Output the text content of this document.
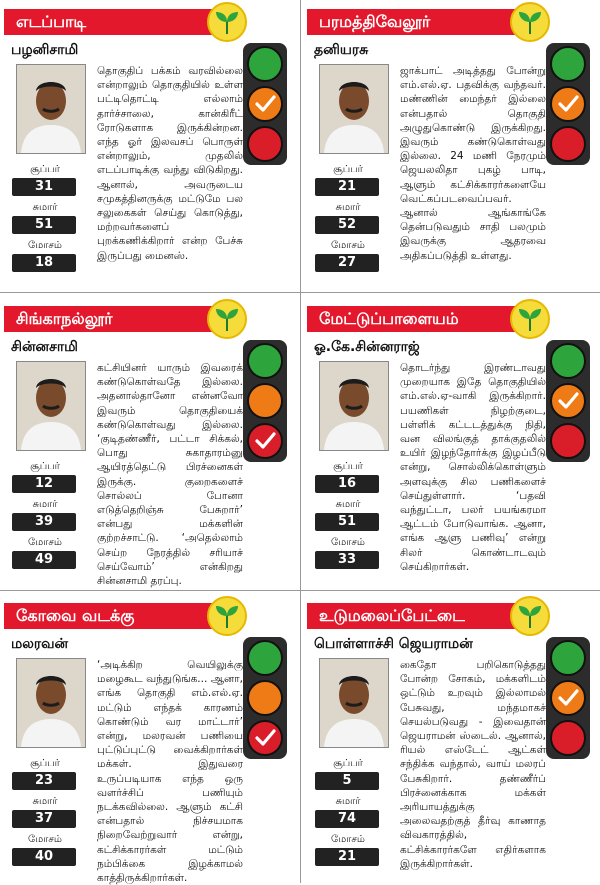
எடப்பாடி
பழனிசாமி
தொகுதிப் பக்கம் வரவில்லை என்றாலும் தொகுதியில் உள்ள பட்டிதொட்டி எல்லாம் தார்ச்சாலை, கான்கிரீட் ரோடுகளாக இருக்கின்றன. எந்த ஓர் இலவசப் பொருள் என்றாலும், முதலில் எடப்பாடிக்கு வந்து விடுகிறது. ஆனால், அவருடைய சமுகத்தினருக்கு மட்டுமே பல சலுகைகள் செய்து கொடுத்து, மற்றவர்களைப் புறக்கணிக்கிறார் என்ற பேச்சு இருப்பது மைனஸ்.
சூப்பர்
31
சுமார்
51
மோசம்
18
பரமத்திவேலூர்
தனியரசு
ஜாக்பாட் அடித்தது போன்று எம்.எல்.ஏ. பதவிக்கு வந்தவர். மண்ணின் மைந்தர் இல்லை என்பதால் தொகுதி அழுதுகொண்டு இருக்கிறது. இவரும் கண்டுகொள்வது இல்லை. 24 மணி நேரமும் ஜெயலலிதா புகழ் பாடி, ஆளும் கட்சிக்காரர்களையே வெட்கப்படவைப்பவர். ஆனால் ஆங்காங்கே தென்படுவதும் சாதி பலமும் இவருக்கு ஆதரவை அதிகப்படுத்தி உள்ளது.
சூப்பர்
21
சுமார்
52
மோசம்
27
சிங்காநல்லூர்
சின்னசாமி
கட்சியினர் யாரும் இவரைக் கண்டுகொள்வதே இல்லை. அதனால்தானோ என்னவோ இவரும் தொகுதியைக் கண்டுகொள்வது இல்லை. ‘குடிதண்ணீர், பட்டா சிக்கல், பொது சுகாதாரம்னு ஆயிரத்தெட்டு பிரச்னைகள் இருக்கு. குறைகளைச் சொல்லப் போனா எடுத்தெறிஞ்சு பேசுறார்’ என்பது மக்களின் குற்றச்சாட்டு. ‘அதெல்லாம் செய்ற நேரத்தில் சரியாச் செய்வோம்’ என்கிறது சின்னசாமி தரப்பு.
சூப்பர்
12
சுமார்
39
மோசம்
49
மேட்டுப்பாளையம்
ஓ.கே.சின்னராஜ்
தொடர்ந்து இரண்டாவது முறையாக இதே தொகுதியில் எம்.எல்.ஏ-வாகி இருக்கிறார். பயணிகள் நிழற்குடை, பள்ளிக் கட்டடத்துக்கு நிதி, வன விலங்குத் தாக்குதலில் உயிர் இழந்தோர்க்கு இழப்பீடு என்று, சொல்லிக்கொள்ளும் அளவுக்கு சில பணிகளைச் செய்துள்ளார். ‘பதவி வந்துட்டா, பலர் பயங்கரமா ஆட்டம் போடுவாங்க. ஆனா, எங்க ஆளு பணிவு’ என்று சிலர் கொண்டாடவும் செய்கிறார்கள்.
சூப்பர்
16
சுமார்
51
மோசம்
33
கோவை வடக்கு
மலரவன்
‘அடிக்கிற வெயிலுக்கு மழைகூட வந்துடுங்க... ஆனா, எங்க தொகுதி எம்.எல்.ஏ. மட்டும் எந்தக் காரணம் கொண்டும் வர மாட்டார்’ என்று, மலரவன் பணியை புட்டுப்புட்டு வைக்கிறார்கள் மக்கள். இதுவரை உருப்படியாக எந்த ஒரு வளர்ச்சிப் பணியும் நடக்கவில்லை. ஆளும் கட்சி என்பதால் நிச்சயமாக நிறைவேற்றுவார் என்று, கட்சிக்காரர்கள் மட்டும் நம்பிக்கை இழக்காமல் காத்திருக்கிறார்கள்.
சூப்பர்
23
சுமார்
37
மோசம்
40
உடுமலைப்பேட்டை
பொள்ளாச்சி ஜெயராமன்
கைதோ பறிகொடுத்தது போன்ற சோகம், மக்களிடம் ஒட்டும் உறவும் இல்லாமல் பேசுவது, மந்தமாகச் செயல்படுவது - இவைதான் ஜெயராமன் ஸ்டைல். ஆனால், ரியல் எஸ்டேட் ஆட்கள் சந்திக்க வந்தால், வாய் மலரப் பேசுகிறார். தண்ணீர்ப் பிரச்னைக்காக மக்கள் அரியாயத்துக்கு அலைவதற்குத் தீர்வு காணாத விவகாரத்தில், கட்சிக்காரர்களே எதிர்களாக இருக்கிறார்கள்.
சூப்பர்
5
சுமார்
74
மோசம்
21
